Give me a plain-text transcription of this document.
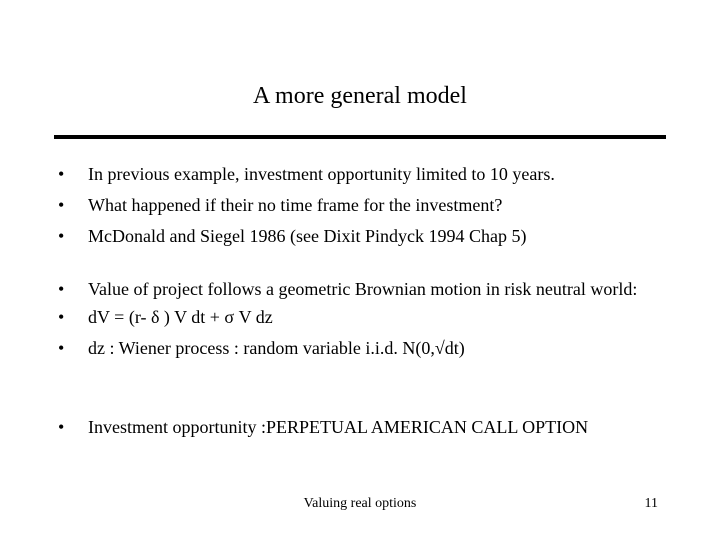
A more general model
• In previous example, investment opportunity limited to 10 years.
• What happened if their no time frame for the investment?
• McDonald and Siegel 1986 (see Dixit Pindyck 1994 Chap 5)
• Value of project follows a geometric Brownian motion in risk neutral world:
• dV = (r- δ ) V dt + σ V dz
• dz : Wiener process : random variable i.i.d. N(0,√dt)
• Investment opportunity :PERPETUAL AMERICAN CALL OPTION
Valuing real options	11
